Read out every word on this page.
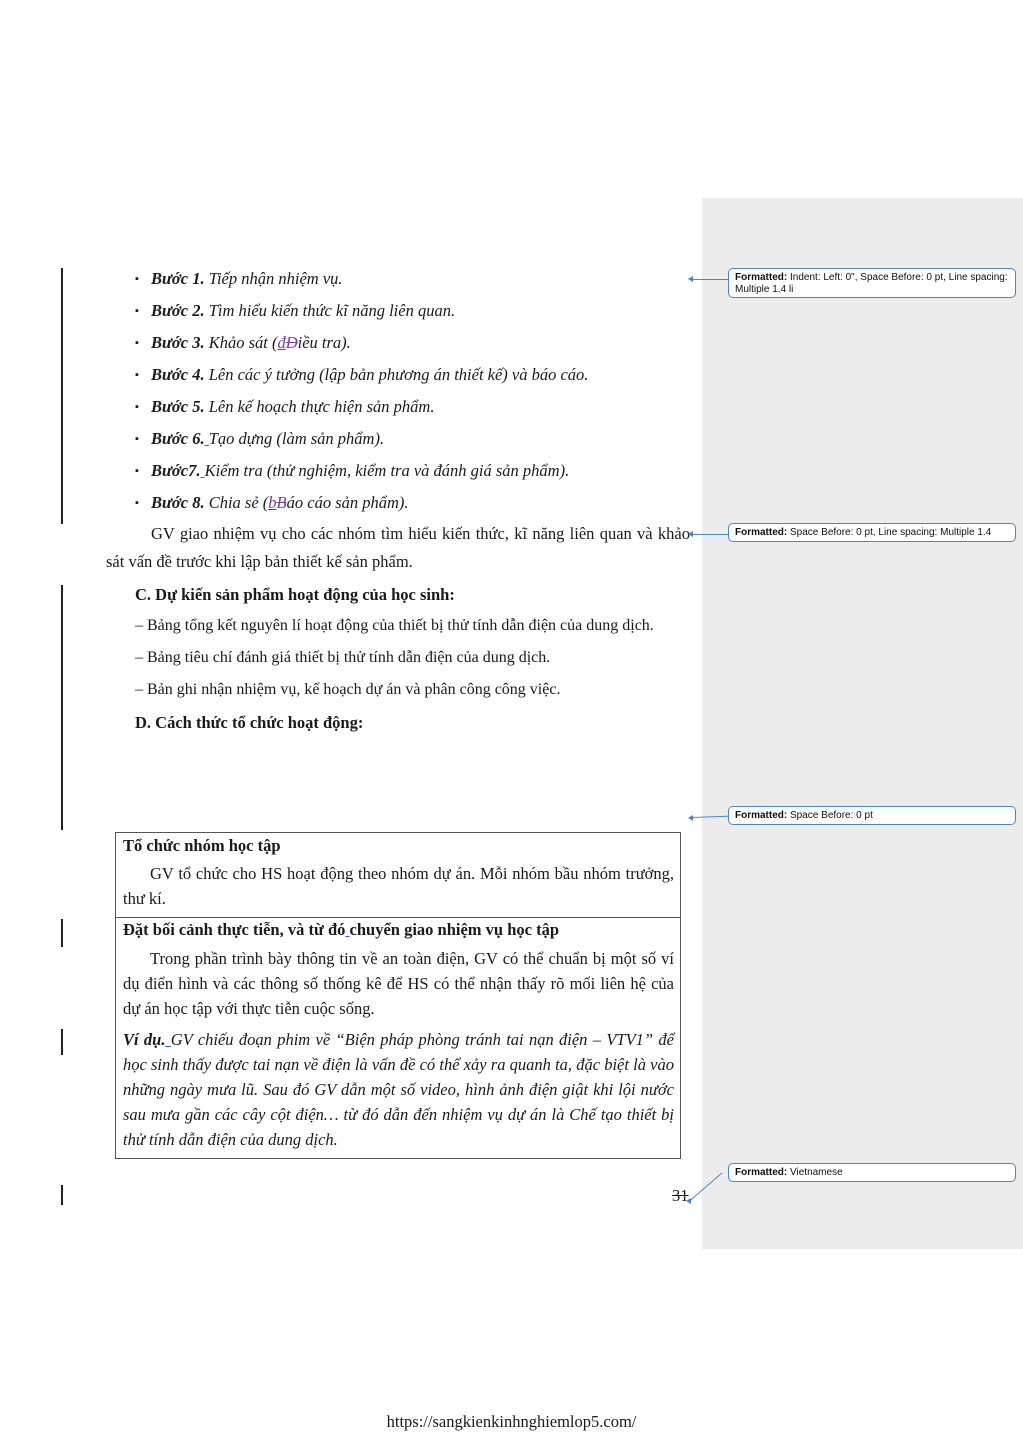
▪ Bước 1. Tiếp nhận nhiệm vụ.
▪ Bước 2. Tìm hiểu kiến thức kĩ năng liên quan.
▪ Bước 3. Khảo sát (đĐiều tra).
▪ Bước 4. Lên các ý tưởng (lập bản phương án thiết kế) và báo cáo.
▪ Bước 5. Lên kế hoạch thực hiện sản phẩm.
▪ Bước 6. Tạo dựng (làm sản phẩm).
▪ Bước7. Kiểm tra (thử nghiệm, kiểm tra và đánh giá sản phẩm).
▪ Bước 8. Chia sẻ (bBáo cáo sản phẩm).
GV giao nhiệm vụ cho các nhóm tìm hiểu kiến thức, kĩ năng liên quan và khảo sát vấn đề trước khi lập bản thiết kế sản phẩm.
C. Dự kiến sản phẩm hoạt động của học sinh:
– Bảng tổng kết nguyên lí hoạt động của thiết bị thử tính dẫn điện của dung dịch.
– Bảng tiêu chí đánh giá thiết bị thử tính dẫn điện của dung dịch.
– Bản ghi nhận nhiệm vụ, kế hoạch dự án và phân công công việc.
D. Cách thức tổ chức hoạt động:
Tổ chức nhóm học tập
GV tổ chức cho HS hoạt động theo nhóm dự án. Mỗi nhóm bầu nhóm trưởng, thư kí.
Đặt bối cảnh thực tiễn, và từ đó chuyển giao nhiệm vụ học tập
Trong phần trình bày thông tin về an toàn điện, GV có thể chuẩn bị một số ví dụ điển hình và các thông số thống kê để HS có thể nhận thấy rõ mối liên hệ của dự án học tập với thực tiễn cuộc sống.
Ví dụ. GV chiếu đoạn phim về “Biện pháp phòng tránh tai nạn điện – VTV1” để học sinh thấy được tai nạn về điện là vấn đề có thể xảy ra quanh ta, đặc biệt là vào những ngày mưa lũ. Sau đó GV dẫn một số video, hình ảnh điện giật khi lội nước sau mưa gần các cây cột điện… từ đó dẫn đến nhiệm vụ dự án là Chế tạo thiết bị thử tính dẫn điện của dung dịch.
31
Formatted: Indent: Left: 0", Space Before: 0 pt, Line spacing: Multiple 1.4 li
Formatted: Space Before: 0 pt, Line spacing: Multiple 1.4
Formatted: Space Before: 0 pt
Formatted: Vietnamese
https://sangkienkinhnghiemlop5.com/
